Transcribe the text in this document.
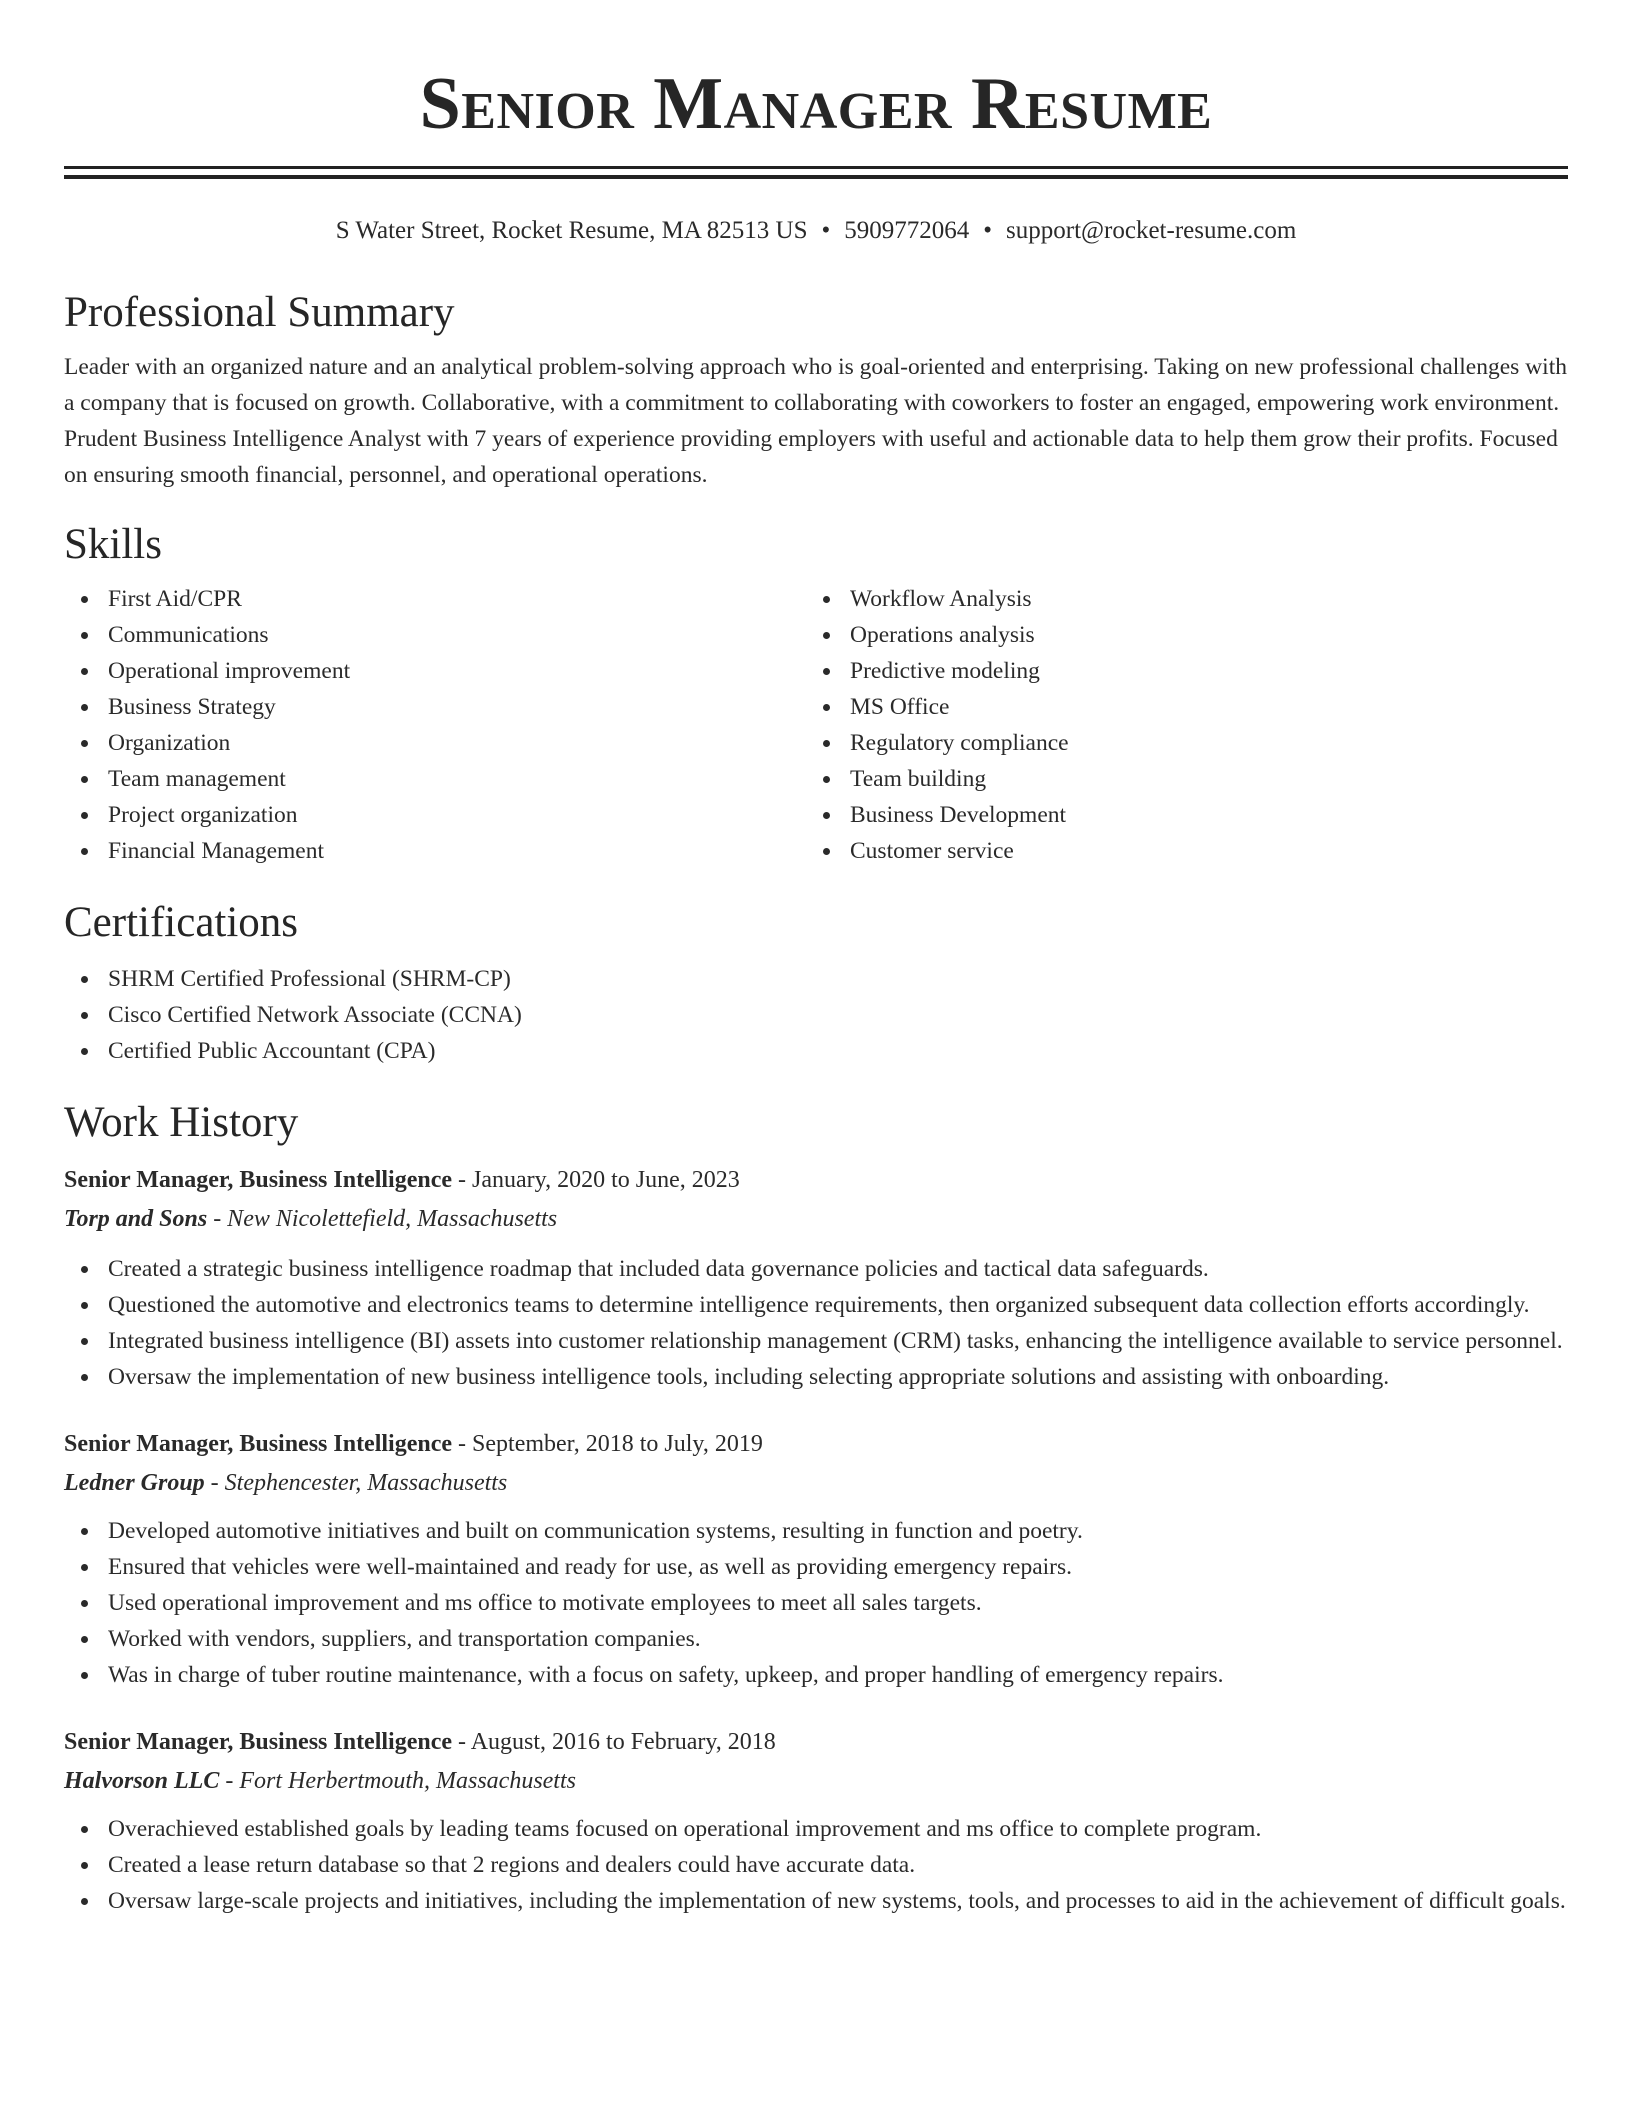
Senior Manager Resume
S Water Street, Rocket Resume, MA 82513 US • 5909772064 • support@rocket-resume.com
Professional Summary

Leader with an organized nature and an analytical problem-solving approach who is goal-oriented and enterprising. Taking on new professional challenges with a company that is focused on growth. Collaborative, with a commitment to collaborating with coworkers to foster an engaged, empowering work environment. Prudent Business Intelligence Analyst with 7 years of experience providing employers with useful and actionable data to help them grow their profits. Focused on ensuring smooth financial, personnel, and operational operations.

Skills
First Aid/CPR
Communications
Operational improvement
Business Strategy
Organization
Team management
Project organization
Financial Management
Workflow Analysis
Operations analysis
Predictive modeling
MS Office
Regulatory compliance
Team building
Business Development
Customer service
Certifications
SHRM Certified Professional (SHRM-CP)
Cisco Certified Network Associate (CCNA)
Certified Public Accountant (CPA)
Work History

Senior Manager, Business Intelligence - January, 2020 to June, 2023

Torp and Sons - New Nicolettefield, Massachusetts

Created a strategic business intelligence roadmap that included data governance policies and tactical data safeguards.
Questioned the automotive and electronics teams to determine intelligence requirements, then organized subsequent data collection efforts accordingly.
Integrated business intelligence (BI) assets into customer relationship management (CRM) tasks, enhancing the intelligence available to service personnel.
Oversaw the implementation of new business intelligence tools, including selecting appropriate solutions and assisting with onboarding.

Senior Manager, Business Intelligence - September, 2018 to July, 2019

Ledner Group - Stephencester, Massachusetts

Developed automotive initiatives and built on communication systems, resulting in function and poetry.
Ensured that vehicles were well-maintained and ready for use, as well as providing emergency repairs.
Used operational improvement and ms office to motivate employees to meet all sales targets.
Worked with vendors, suppliers, and transportation companies.
Was in charge of tuber routine maintenance, with a focus on safety, upkeep, and proper handling of emergency repairs.

Senior Manager, Business Intelligence - August, 2016 to February, 2018

Halvorson LLC - Fort Herbertmouth, Massachusetts

Overachieved established goals by leading teams focused on operational improvement and ms office to complete program.
Created a lease return database so that 2 regions and dealers could have accurate data.
Oversaw large-scale projects and initiatives, including the implementation of new systems, tools, and processes to aid in the achievement of difficult goals.
